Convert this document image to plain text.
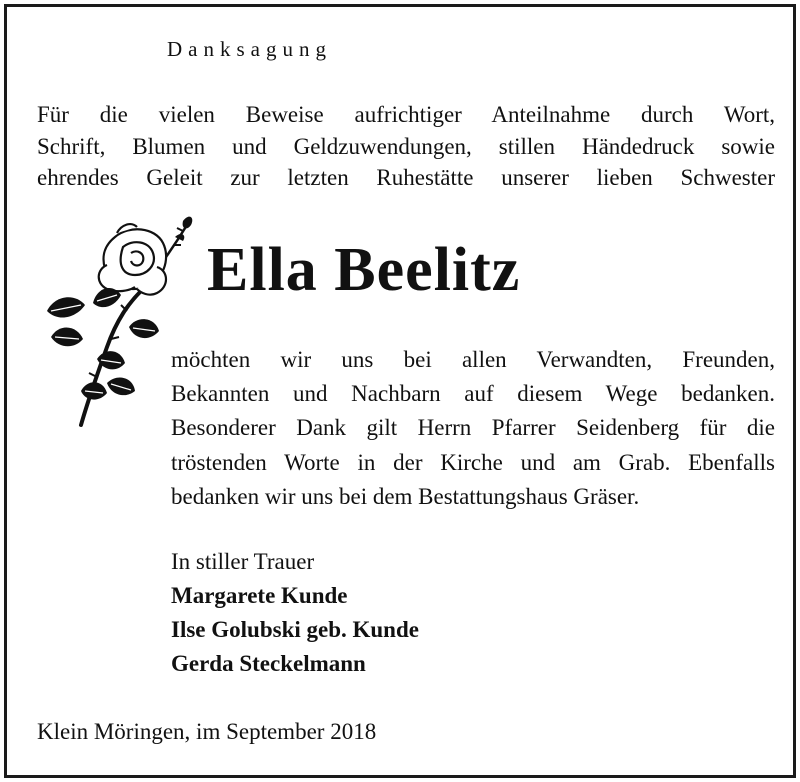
Danksagung
Für die vielen Beweise aufrichtiger Anteilnahme durch Wort,
Schrift, Blumen und Geldzuwendungen, stillen Händedruck sowie
ehrendes Geleit zur letzten Ruhestätte unserer lieben Schwester
Ella Beelitz
möchten wir uns bei allen Verwandten, Freunden,
Bekannten und Nachbarn auf diesem Wege bedanken.
Besonderer Dank gilt Herrn Pfarrer Seidenberg für die
tröstenden Worte in der Kirche und am Grab. Ebenfalls
bedanken wir uns bei dem Bestattungshaus Gräser.
In stiller Trauer
Margarete Kunde
Ilse Golubski geb. Kunde
Gerda Steckelmann
Klein Möringen, im September 2018
